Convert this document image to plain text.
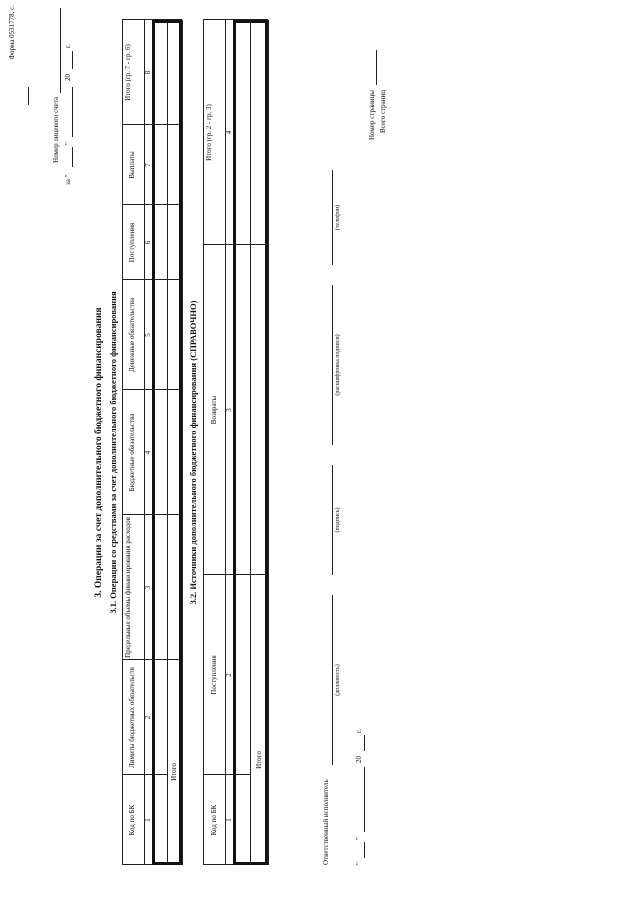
Форма 0531778, с.
Номер лицевого счета
за "
"
20
г.
3. Операции за счет дополнительного бюджетного финансирования 3.1. Операции со средствами за счет дополнительного бюджетного финансирования
Код по БК
Лимиты бюджетных обязательств
Предельные объемы финансирования расходов
Бюджетные обязательства
Денежные обязательства
Поступления
Выплаты
Итого (гр. 7 - гр. 6)
1
2
3
4
5
6
7
8
Итого
3.2. Источники дополнительного бюджетного финансирования (СПРАВОЧНО)
Код по БК
Поступления
Возвраты
Итого (гр. 2 - гр. 3)
1
2
3
4
Итого
Ответственный исполнитель
(должность)
(подпись)
(расшифровка подписи)
(телефон)
"
"
20
г.
Номер страницы Всего страниц
